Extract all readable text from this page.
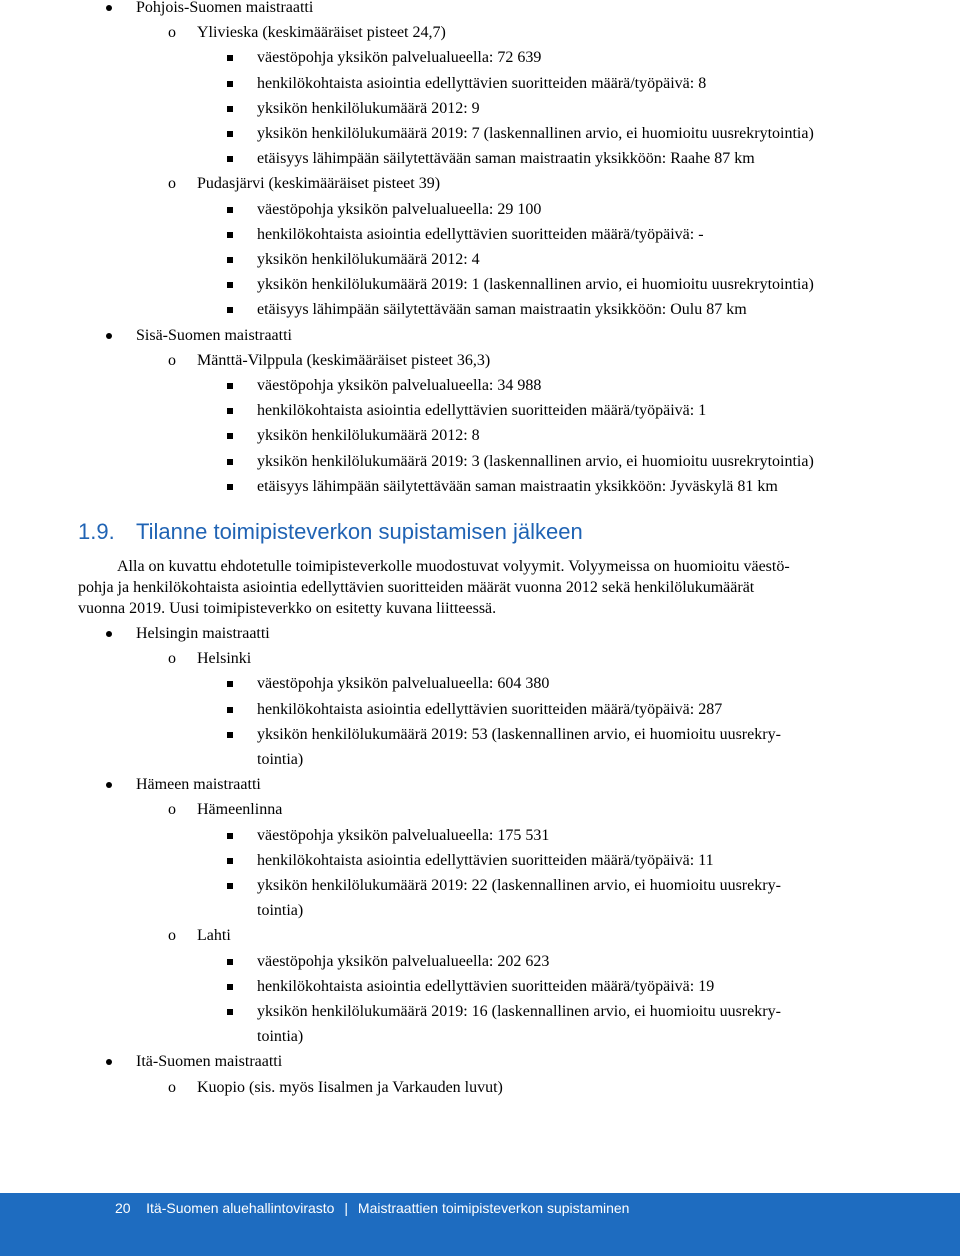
Pohjois-Suomen maistraatti
o Ylivieska (keskimääräiset pisteet 24,7)
väestöpohja yksikön palvelualueella: 72 639
henkilökohtaista asiointia edellyttävien suoritteiden määrä/työpäivä: 8
yksikön henkilölukumäärä 2012: 9
yksikön henkilölukumäärä 2019: 7 (laskennallinen arvio, ei huomioitu uusrekrytointia)
etäisyys lähimpään säilytettävään saman maistraatin yksikköön: Raahe 87 km
o Pudasjärvi (keskimääräiset pisteet 39)
väestöpohja yksikön palvelualueella: 29 100
henkilökohtaista asiointia edellyttävien suoritteiden määrä/työpäivä: -
yksikön henkilölukumäärä 2012: 4
yksikön henkilölukumäärä 2019: 1 (laskennallinen arvio, ei huomioitu uusrekrytointia)
etäisyys lähimpään säilytettävään saman maistraatin yksikköön: Oulu 87 km
Sisä-Suomen maistraatti
o Mänttä-Vilppula (keskimääräiset pisteet 36,3)
väestöpohja yksikön palvelualueella: 34 988
henkilökohtaista asiointia edellyttävien suoritteiden määrä/työpäivä: 1
yksikön henkilölukumäärä 2012: 8
yksikön henkilölukumäärä 2019: 3 (laskennallinen arvio, ei huomioitu uusrekrytointia)
etäisyys lähimpään säilytettävään saman maistraatin yksikköön: Jyväskylä 81 km
1.9. Tilanne toimipisteverkon supistamisen jälkeen
Alla on kuvattu ehdotetulle toimipisteverkolle muodostuvat volyymit. Volyymeissa on huomioitu väestö-
pohja ja henkilökohtaista asiointia edellyttävien suoritteiden määrät vuonna 2012 sekä henkilölukumäärät
vuonna 2019. Uusi toimipisteverkko on esitetty kuvana liitteessä.
Helsingin maistraatti
o Helsinki
väestöpohja yksikön palvelualueella: 604 380
henkilökohtaista asiointia edellyttävien suoritteiden määrä/työpäivä: 287
yksikön henkilölukumäärä 2019: 53 (laskennallinen arvio, ei huomioitu uusrekry-
tointia)
Hämeen maistraatti
o Hämeenlinna
väestöpohja yksikön palvelualueella: 175 531
henkilökohtaista asiointia edellyttävien suoritteiden määrä/työpäivä: 11
yksikön henkilölukumäärä 2019: 22 (laskennallinen arvio, ei huomioitu uusrekry-
tointia)
o Lahti
väestöpohja yksikön palvelualueella: 202 623
henkilökohtaista asiointia edellyttävien suoritteiden määrä/työpäivä: 19
yksikön henkilölukumäärä 2019: 16 (laskennallinen arvio, ei huomioitu uusrekry-
tointia)
Itä-Suomen maistraatti
o Kuopio (sis. myös Iisalmen ja Varkauden luvut)
20 Itä-Suomen aluehallintovirasto | Maistraattien toimipisteverkon supistaminen
